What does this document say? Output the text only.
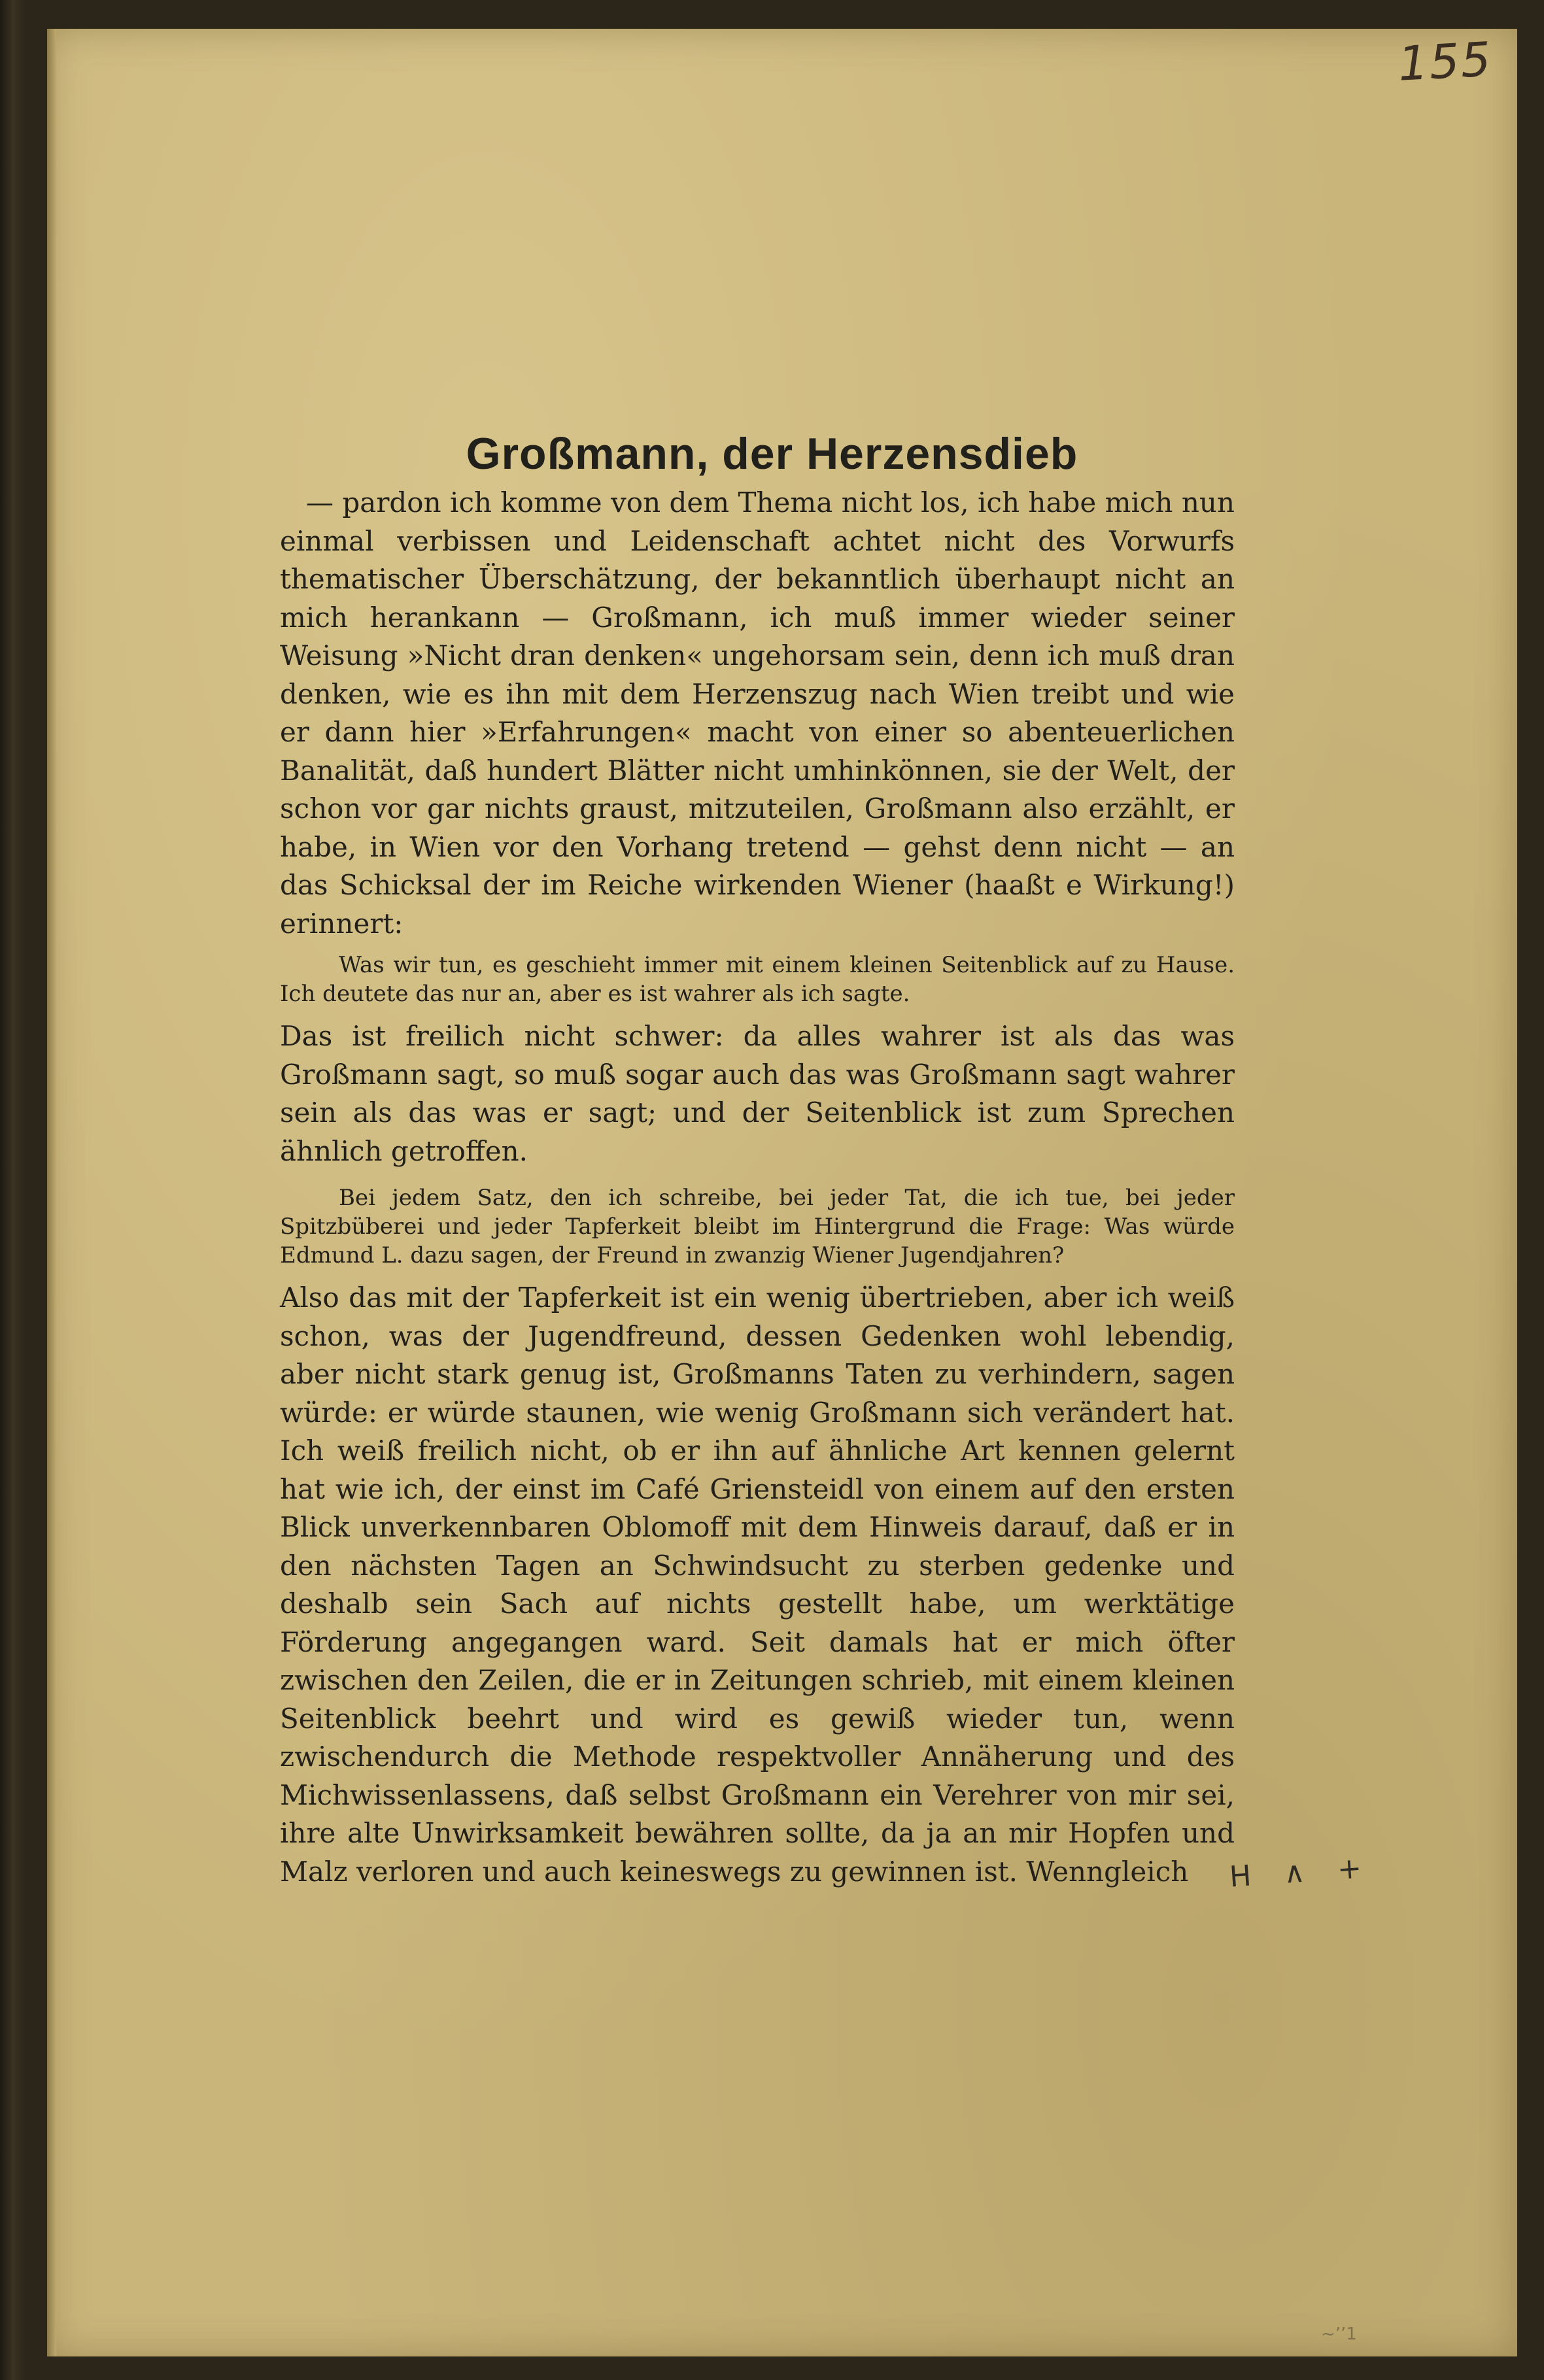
155
Großmann, der Herzensdieb

— pardon ich komme von dem Thema nicht los, ich habe mich nun einmal verbissen und Leidenschaft achtet nicht des Vorwurfs thematischer Überschätzung, der bekanntlich überhaupt nicht an mich herankann — Großmann, ich muß immer wieder seiner Weisung »Nicht dran denken« ungehorsam sein, denn ich muß dran denken, wie es ihn mit dem Herzenszug nach Wien treibt und wie er dann hier »Erfahrungen« macht von einer so abenteuerlichen Banalität, daß hundert Blätter nicht umhinkönnen, sie der Welt, der schon vor gar nichts graust, mitzuteilen, Großmann also erzählt, er habe, in Wien vor den Vorhang tretend — gehst denn nicht — an das Schicksal der im Reiche wirkenden Wiener (haaßt e Wirkung!) erinnert:

Was wir tun, es geschieht immer mit einem kleinen Seitenblick auf zu Hause. Ich deutete das nur an, aber es ist wahrer als ich sagte.

Das ist freilich nicht schwer: da alles wahrer ist als das was Großmann sagt, so muß sogar auch das was Großmann sagt wahrer sein als das was er sagt; und der Seitenblick ist zum Sprechen ähnlich getroffen.

Bei jedem Satz, den ich schreibe, bei jeder Tat, die ich tue, bei jeder Spitzbüberei und jeder Tapferkeit bleibt im Hintergrund die Frage: Was würde Edmund L. dazu sagen, der Freund in zwanzig Wiener Jugendjahren?

Also das mit der Tapferkeit ist ein wenig übertrieben, aber ich weiß schon, was der Jugendfreund, dessen Gedenken wohl lebendig, aber nicht stark genug ist, Großmanns Taten zu verhindern, sagen würde: er würde staunen, wie wenig Großmann sich verändert hat. Ich weiß freilich nicht, ob er ihn auf ähnliche Art kennen gelernt hat wie ich, der einst im Café Griensteidl von einem auf den ersten Blick unverkennbaren Oblomoff mit dem Hinweis darauf, daß er in den nächsten Tagen an Schwindsucht zu sterben gedenke und deshalb sein Sach auf nichts gestellt habe, um werktätige Förderung angegangen ward. Seit damals hat er mich öfter zwischen den Zeilen, die er in Zeitungen schrieb, mit einem kleinen Seitenblick beehrt und wird es gewiß wieder tun, wenn zwischendurch die Methode respektvoller Annäherung und des Michwissenlassens, daß selbst Großmann ein Verehrer von mir sei, ihre alte Unwirksamkeit bewähren sollte, da ja an mir Hopfen und Malz verloren und auch keineswegs zu gewinnen ist. Wenngleich	H ∧ +
~ʼʼ1
